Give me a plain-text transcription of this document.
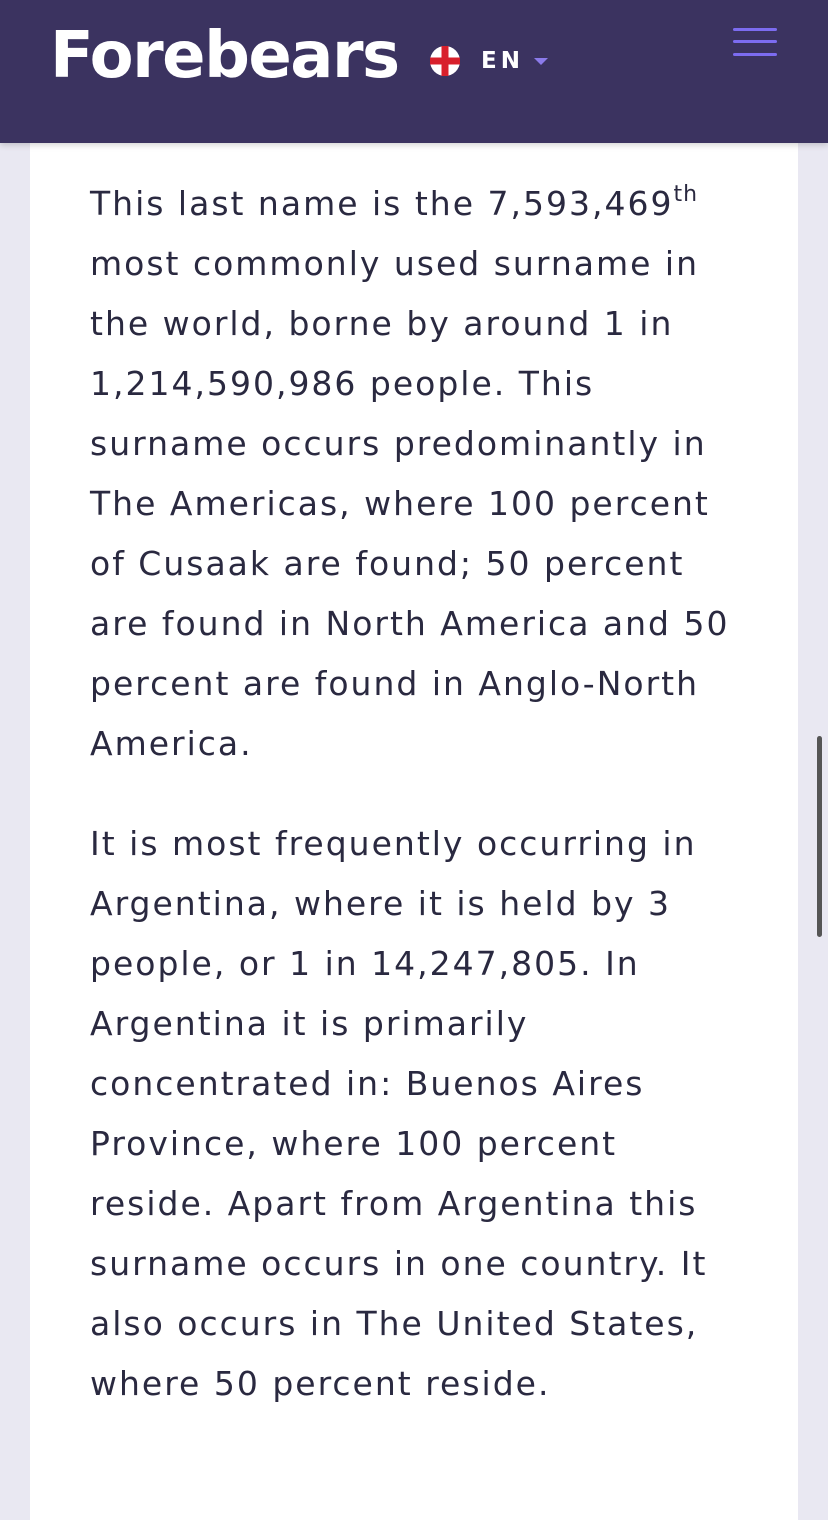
Forebears	EN

This last name is the 7,593,469th
most commonly used surname in
the world, borne by around 1 in
1,214,590,986 people. This
surname occurs predominantly in
The Americas, where 100 percent
of Cusaak are found; 50 percent
are found in North America and 50
percent are found in Anglo-North
America.

It is most frequently occurring in
Argentina, where it is held by 3
people, or 1 in 14,247,805. In
Argentina it is primarily
concentrated in: Buenos Aires
Province, where 100 percent
reside. Apart from Argentina this
surname occurs in one country. It
also occurs in The United States,
where 50 percent reside.
